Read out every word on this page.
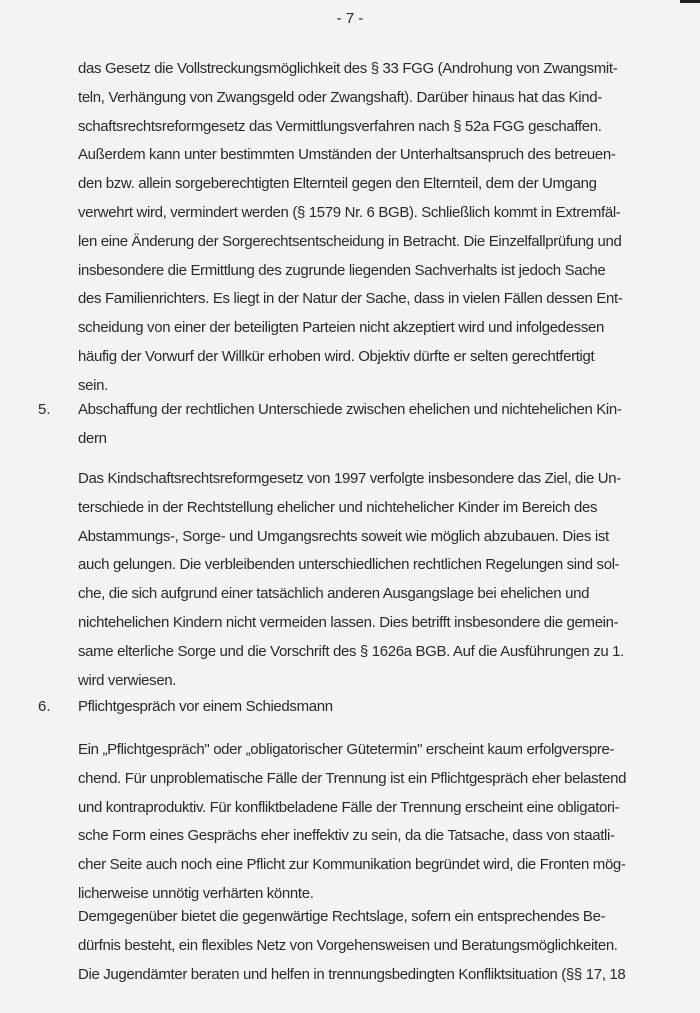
- 7 -
das Gesetz die Vollstreckungsmöglichkeit des § 33 FGG (Androhung von Zwangsmit-
teln, Verhängung von Zwangsgeld oder Zwangshaft). Darüber hinaus hat das Kind-
schaftsrechtsreformgesetz das Vermittlungsverfahren nach § 52a FGG geschaffen.
Außerdem kann unter bestimmten Umständen der Unterhaltsanspruch des betreuen-
den bzw. allein sorgeberechtigten Elternteil gegen den Elternteil, dem der Umgang
verwehrt wird, vermindert werden (§ 1579 Nr. 6 BGB). Schließlich kommt in Extremfäl-
len eine Änderung der Sorgerechtsentscheidung in Betracht. Die Einzelfallprüfung und
insbesondere die Ermittlung des zugrunde liegenden Sachverhalts ist jedoch Sache
des Familienrichters. Es liegt in der Natur der Sache, dass in vielen Fällen dessen Ent-
scheidung von einer der beteiligten Parteien nicht akzeptiert wird und infolgedessen
häufig der Vorwurf der Willkür erhoben wird. Objektiv dürfte er selten gerechtfertigt
sein.
5. Abschaffung der rechtlichen Unterschiede zwischen ehelichen und nichtehelichen Kin-
dern
Das Kindschaftsrechtsreformgesetz von 1997 verfolgte insbesondere das Ziel, die Un-
terschiede in der Rechtstellung ehelicher und nichtehelicher Kinder im Bereich des
Abstammungs-, Sorge- und Umgangsrechts soweit wie möglich abzubauen. Dies ist
auch gelungen. Die verbleibenden unterschiedlichen rechtlichen Regelungen sind sol-
che, die sich aufgrund einer tatsächlich anderen Ausgangslage bei ehelichen und
nichtehelichen Kindern nicht vermeiden lassen. Dies betrifft insbesondere die gemein-
same elterliche Sorge und die Vorschrift des § 1626a BGB. Auf die Ausführungen zu 1.
wird verwiesen.
6. Pflichtgespräch vor einem Schiedsmann
Ein „Pflichtgespräch" oder „obligatorischer Gütetermin" erscheint kaum erfolgverspre-
chend. Für unproblematische Fälle der Trennung ist ein Pflichtgespräch eher belastend
und kontraproduktiv. Für konfliktbeladene Fälle der Trennung erscheint eine obligatori-
sche Form eines Gesprächs eher ineffektiv zu sein, da die Tatsache, dass von staatli-
cher Seite auch noch eine Pflicht zur Kommunikation begründet wird, die Fronten mög-
licherweise unnötig verhärten könnte.
Demgegenüber bietet die gegenwärtige Rechtslage, sofern ein entsprechendes Be-
dürfnis besteht, ein flexibles Netz von Vorgehensweisen und Beratungsmöglichkeiten.
Die Jugendämter beraten und helfen in trennungsbedingten Konfliktsituation (§§ 17, 18
